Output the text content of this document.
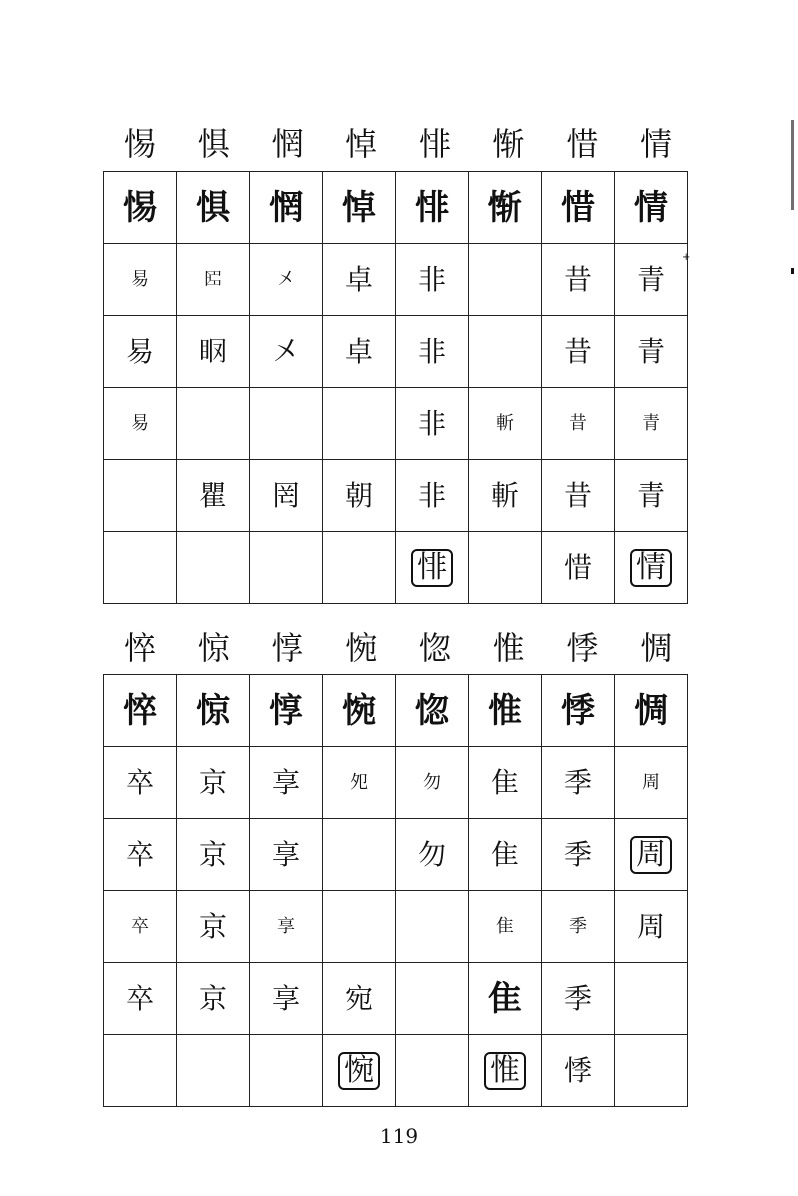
惕	惧	惘	悼	悱	惭	惜	情
惕	惧	惘	悼	悱	惭	惜	情
易	𠥓	㐅	卓	非		昔	青
易	𥄞	㐅	卓	非		昔	青
易				非	斬	昔	青
	瞿	罔	朝	非	斬	昔	青
				悱		惜	情
悴	惊	惇	惋	惚	惟	悸	惆
悴	惊	惇	惋	惚	惟	悸	惆
卒	京	享	夗	勿	隹	季	周
卒	京	享		勿	隹	季	周
卒	京	享			隹	季	周
卒	京	享	宛		隹	季	
			惋		惟	悸	
+
119
